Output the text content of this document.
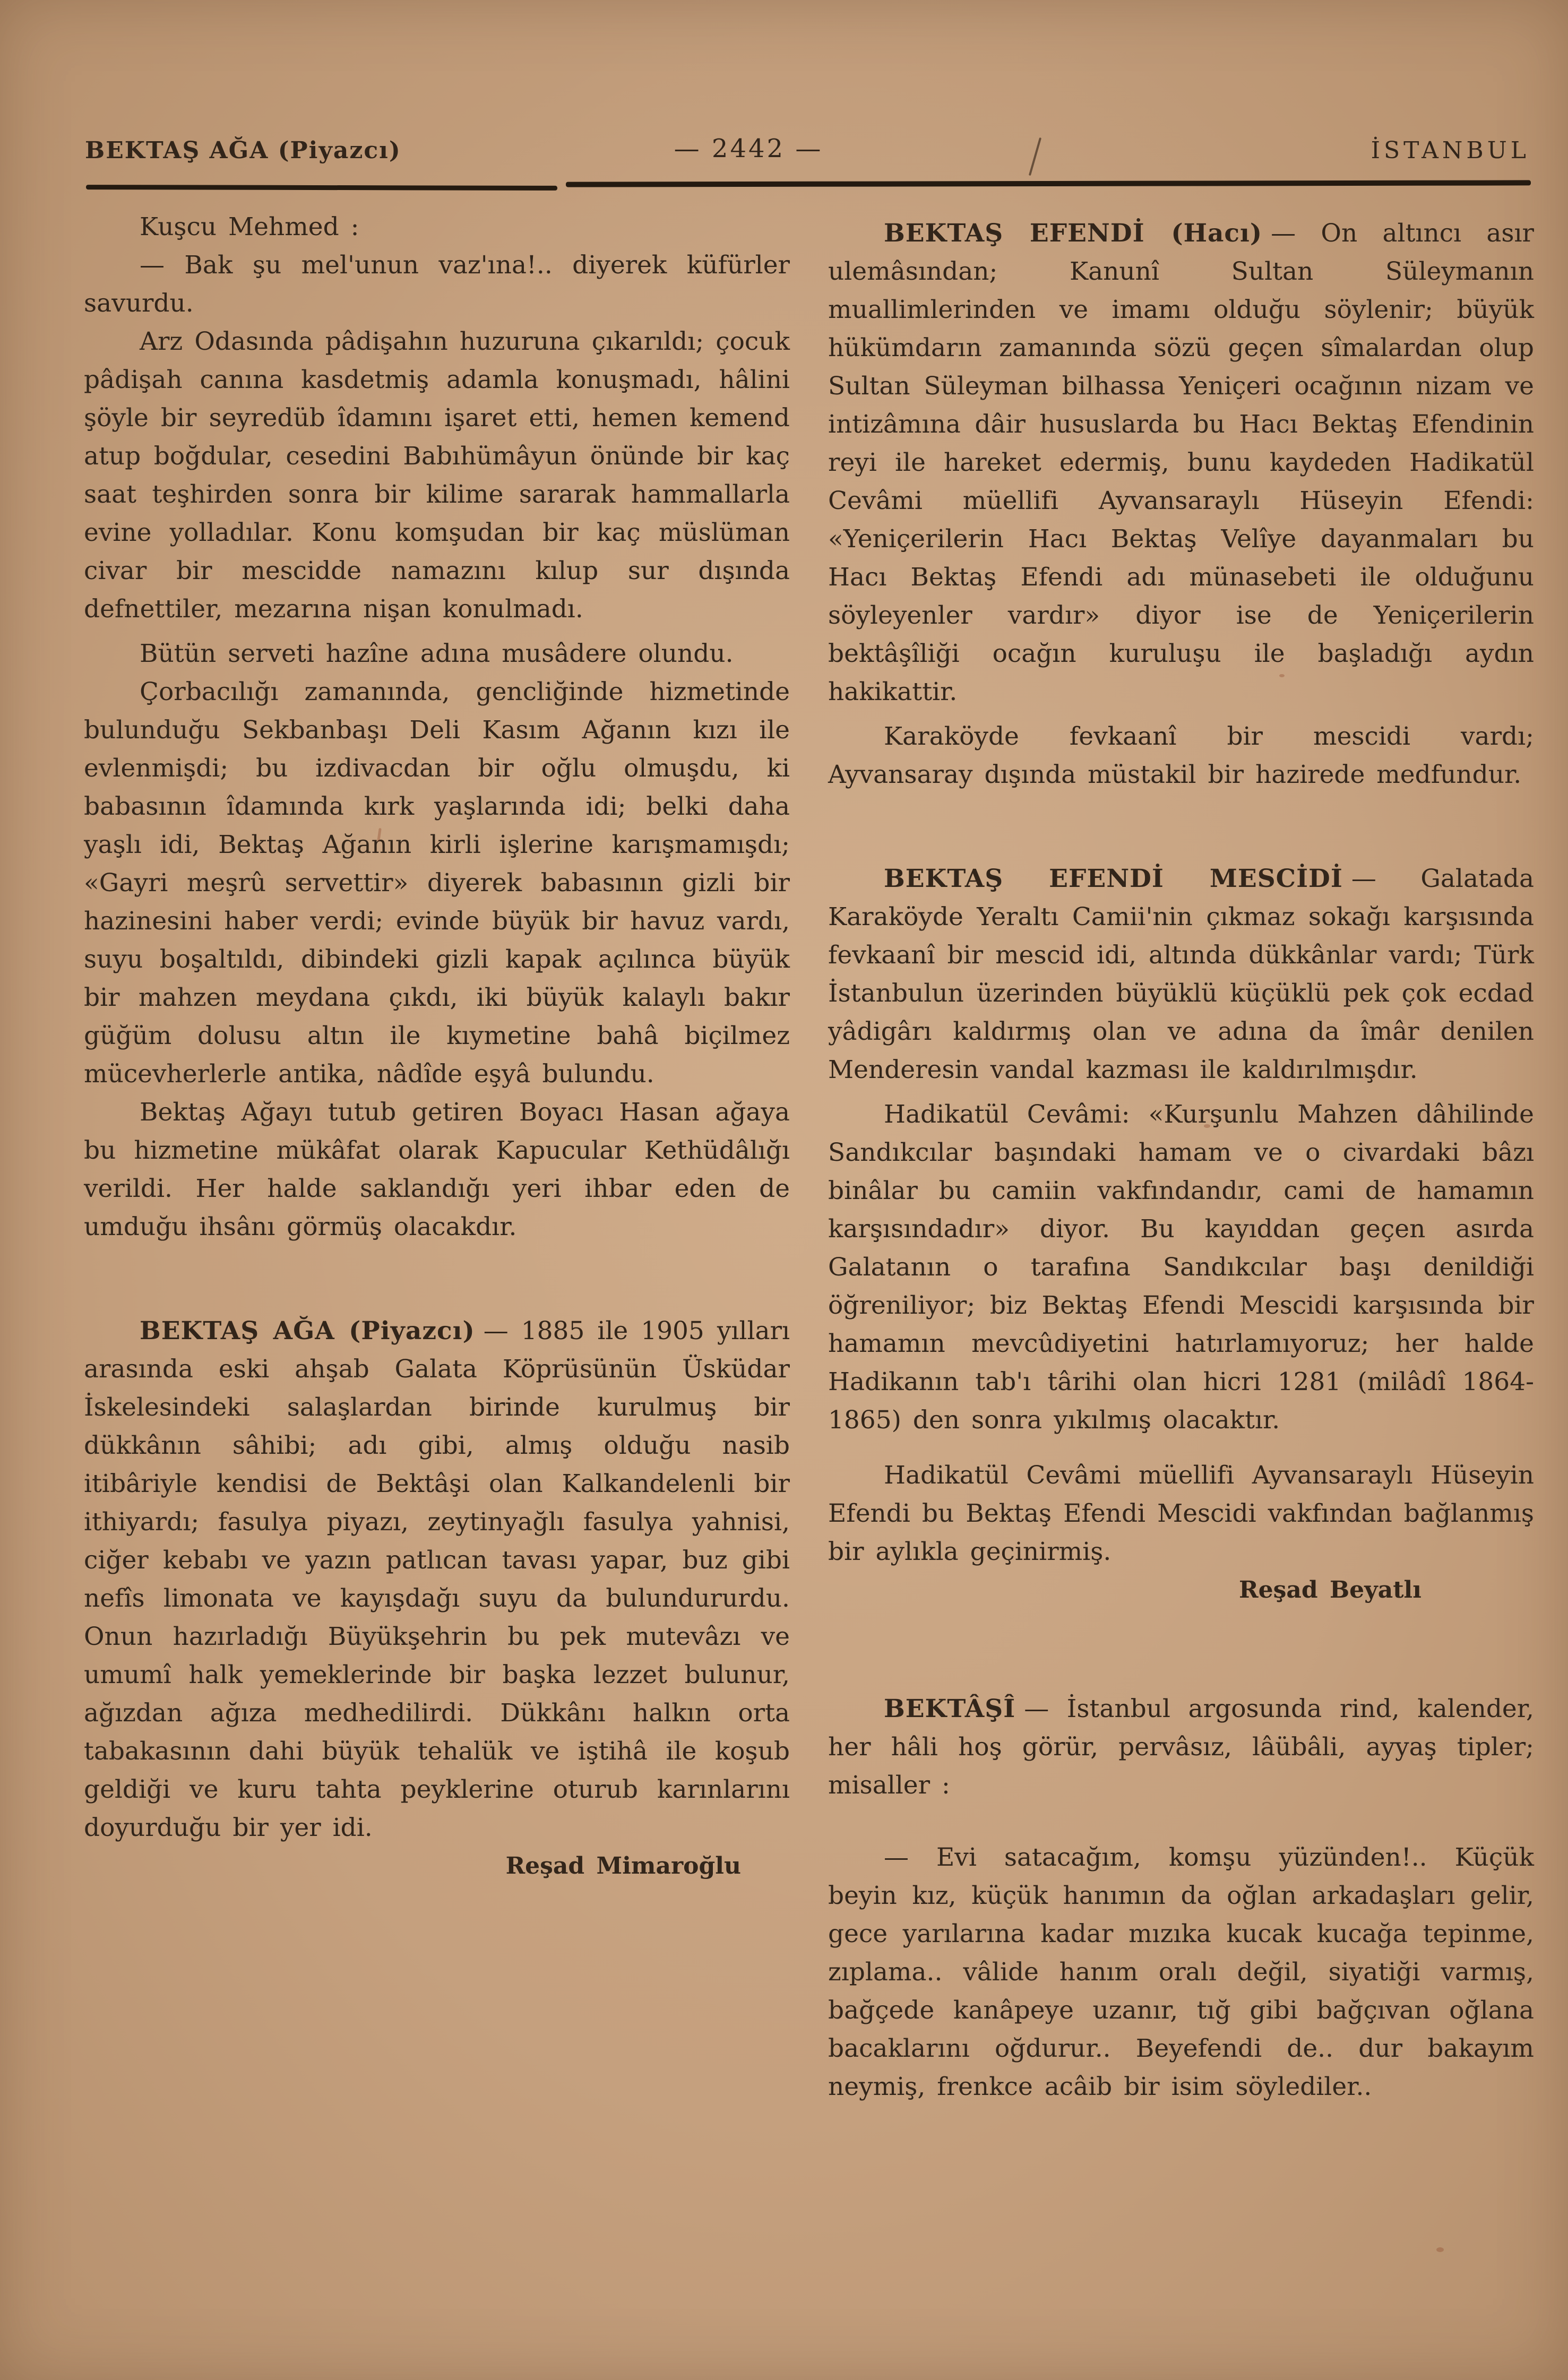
BEKTAŞ AĞA (Piyazcı)	— 2442 —	İSTANBUL

Kuşcu Mehmed :

— Bak şu mel'unun vaz'ına!.. diyerek küfürler savurdu.

Arz Odasında pâdişahın huzuruna çıkarıldı; çocuk pâdişah canına kasdetmiş adamla konuşmadı, hâlini şöyle bir seyredüb îdamını işaret etti, hemen kemend atup boğdular, cesedini Babıhümâyun önünde bir kaç saat teşhirden sonra bir kilime sararak hammallarla evine yolladılar. Konu komşudan bir kaç müslüman civar bir mescidde namazını kılup sur dışında defnettiler, mezarına nişan konulmadı.

Bütün serveti hazîne adına musâdere olundu.

Çorbacılığı zamanında, gencliğinde hizmetinde bulunduğu Sekbanbaşı Deli Kasım Ağanın kızı ile evlenmişdi; bu izdivacdan bir oğlu olmuşdu, ki babasının îdamında kırk yaşlarında idi; belki daha yaşlı idi, Bektaş Ağanın kirli işlerine karışmamışdı; «Gayri meşrû servettir» diyerek babasının gizli bir hazinesini haber verdi; evinde büyük bir havuz vardı, suyu boşaltıldı, dibindeki gizli kapak açılınca büyük bir mahzen meydana çıkdı, iki büyük kalaylı bakır güğüm dolusu altın ile kıymetine bahâ biçilmez mücevherlerle antika, nâdîde eşyâ bulundu.

Bektaş Ağayı tutub getiren Boyacı Hasan ağaya bu hizmetine mükâfat olarak Kapucular Kethüdâlığı verildi. Her halde saklandığı yeri ihbar eden de umduğu ihsânı görmüş olacakdır.

BEKTAŞ AĞA (Piyazcı) — 1885 ile 1905 yılları arasında eski ahşab Galata Köprüsünün Üsküdar İskelesindeki salaşlardan birinde kurulmuş bir dükkânın sâhibi; adı gibi, almış olduğu nasib itibâriyle kendisi de Bektâşi olan Kalkandelenli bir ithiyardı; fasulya piyazı, zeytinyağlı fasulya yahnisi, ciğer kebabı ve yazın patlıcan tavası yapar, buz gibi nefîs limonata ve kayışdağı suyu da bulundururdu. Onun hazırladığı Büyükşehrin bu pek mutevâzı ve umumî halk yemeklerinde bir başka lezzet bulunur, ağızdan ağıza medhedilirdi. Dükkânı halkın orta tabakasının dahi büyük tehalük ve iştihâ ile koşub geldiği ve kuru tahta peyklerine oturub karınlarını doyurduğu bir yer idi.

Reşad Mimaroğlu

BEKTAŞ EFENDİ (Hacı) — On altıncı asır ulemâsından; Kanunî Sultan Süleymanın muallimlerinden ve imamı olduğu söylenir; büyük hükümdarın zamanında sözü geçen sîmalardan olup Sultan Süleyman bilhassa Yeniçeri ocağının nizam ve intizâmına dâir hususlarda bu Hacı Bektaş Efendinin reyi ile hareket edermiş, bunu kaydeden Hadikatül Cevâmi müellifi Ayvansaraylı Hüseyin Efendi: «Yeniçerilerin Hacı Bektaş Velîye dayanmaları bu Hacı Bektaş Efendi adı münasebeti ile olduğunu söyleyenler vardır» diyor ise de Yeniçerilerin bektâşîliği ocağın kuruluşu ile başladığı aydın hakikattir.

Karaköyde fevkaanî bir mescidi vardı; Ayvansaray dışında müstakil bir hazirede medfundur.

BEKTAŞ EFENDİ MESCİDİ — Galatada Karaköyde Yeraltı Camii'nin çıkmaz sokağı karşısında fevkaanî bir mescid idi, altında dükkânlar vardı; Türk İstanbulun üzerinden büyüklü küçüklü pek çok ecdad yâdigârı kaldırmış olan ve adına da îmâr denilen Menderesin vandal kazması ile kaldırılmışdır.

Hadikatül Cevâmi: «Kurşunlu Mahzen dâhilinde Sandıkcılar başındaki hamam ve o civardaki bâzı binâlar bu camiin vakfındandır, cami de hamamın karşısındadır» diyor. Bu kayıddan geçen asırda Galatanın o tarafına Sandıkcılar başı denildiği öğreniliyor; biz Bektaş Efendi Mescidi karşısında bir hamamın mevcûdiyetini hatırlamıyoruz; her halde Hadikanın tab'ı târihi olan hicri 1281 (milâdî 1864-1865) den sonra yıkılmış olacaktır.

Hadikatül Cevâmi müellifi Ayvansaraylı Hüseyin Efendi bu Bektaş Efendi Mescidi vakfından bağlanmış bir aylıkla geçinirmiş.

Reşad Beyatlı

BEKTÂŞÎ — İstanbul argosunda rind, kalender, her hâli hoş görür, pervâsız, lâübâli, ayyaş tipler; misaller :

— Evi satacağım, komşu yüzünden!.. Küçük beyin kız, küçük hanımın da oğlan arkadaşları gelir, gece yarılarına kadar mızıka kucak kucağa tepinme, zıplama.. vâlide hanım oralı değil, siyatiği varmış, bağçede kanâpeye uzanır, tığ gibi bağçıvan oğlana bacaklarını oğdurur.. Beyefendi de.. dur bakayım neymiş, frenkce acâib bir isim söylediler..
